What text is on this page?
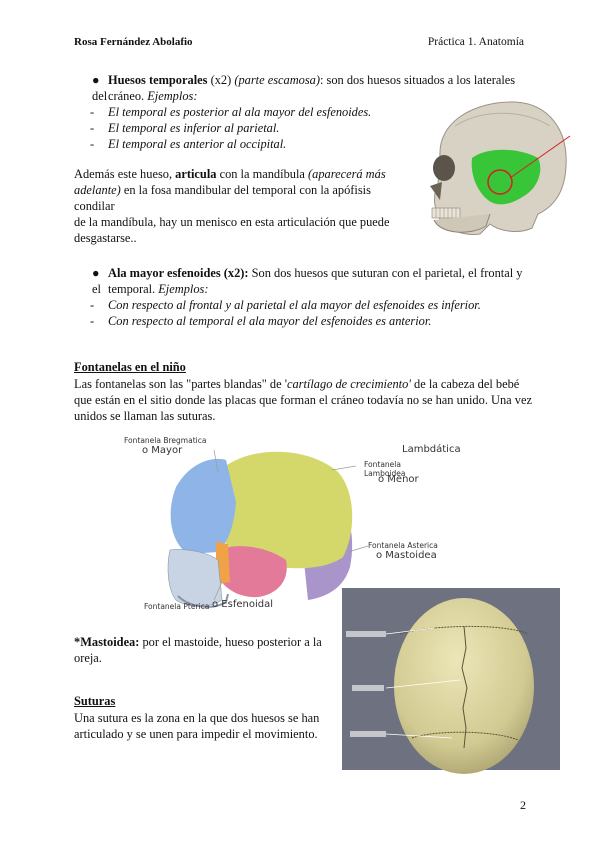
Rosa Fernández Abolafio	Práctica 1. Anatomía
● Huesos temporales (x2) (parte escamosa): son dos huesos situados a los laterales del cráneo. Ejemplos:
- El temporal es posterior al ala mayor del esfenoides.
- El temporal es inferior al parietal.
- El temporal es anterior al occipital.
Además este hueso, articula con la mandíbula (aparecerá más
adelante) en la fosa mandibular del temporal con la apófisis condilar
de la mandíbula, hay un menisco en esta articulación que puede
desgastarse..
● Ala mayor esfenoides (x2): Son dos huesos que suturan con el parietal, el frontal y el temporal. Ejemplos:
- Con respecto al frontal y al parietal el ala mayor del esfenoides es inferior.
- Con respecto al temporal el ala mayor del esfenoides es anterior.
Fontanelas en el niño
Las fontanelas son las "partes blandas" de 'cartílago de crecimiento' de la cabeza del bebé
que están en el sitio donde las placas que forman el cráneo todavía no se han unido. Una vez
unidos se llaman las suturas.
Fontanela Bregmatica
o Mayor	Lambdática
Fontanela Lamboidea
o Menor
Fontanela Asterica
o Mastoidea
Fontanela Pterica o Esfenoidal
*Mastoidea: por el mastoide, hueso posterior a la
oreja.
Suturas
Una sutura es la zona en la que dos huesos se han
articulado y se unen para impedir el movimiento.
2
